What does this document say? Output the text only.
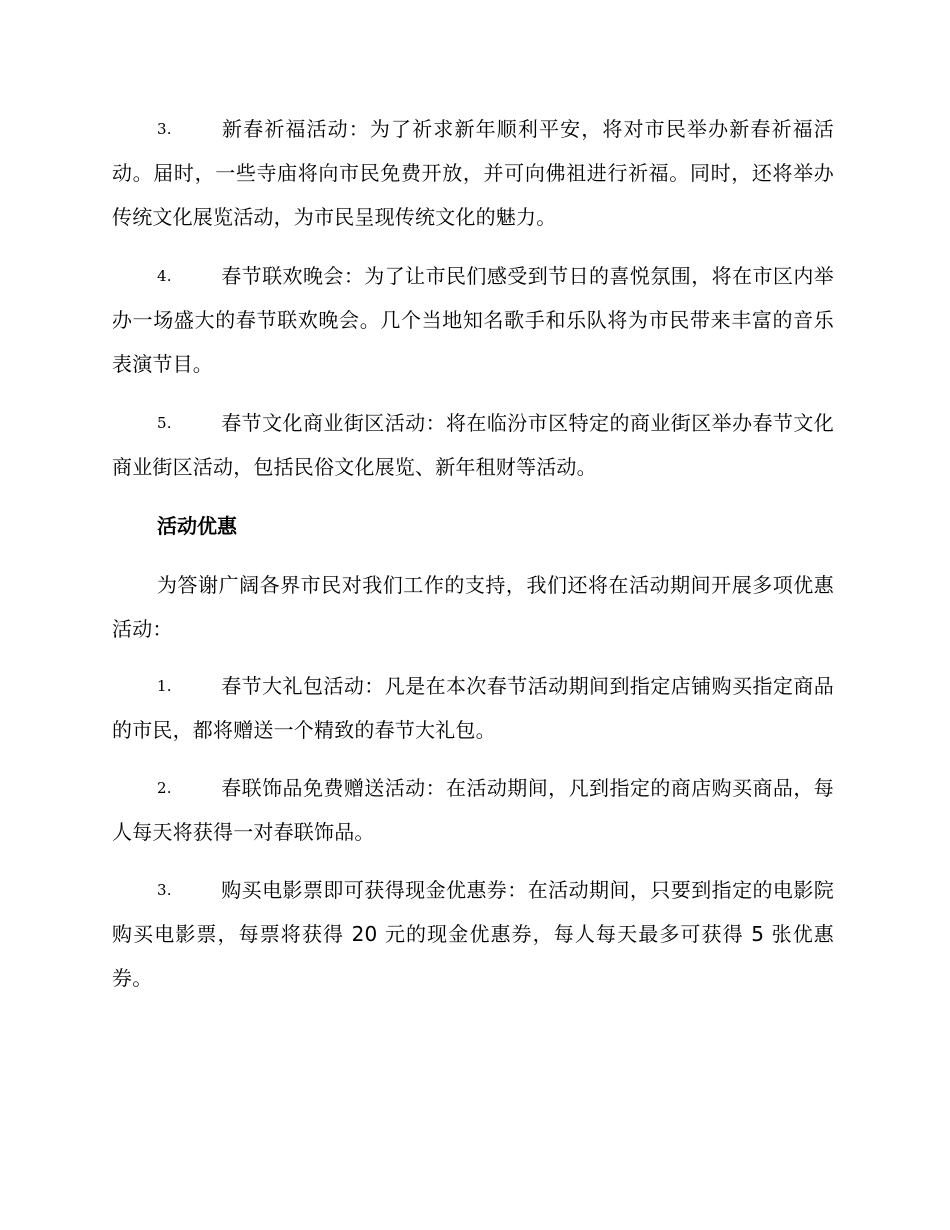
3. 新春祈福活动：为了祈求新年顺利平安，将对市民举办新春祈福活动。届时，一些寺庙将向市民免费开放，并可向佛祖进行祈福。同时，还将举办传统文化展览活动，为市民呈现传统文化的魅力。

4. 春节联欢晚会：为了让市民们感受到节日的喜悦氛围，将在市区内举办一场盛大的春节联欢晚会。几个当地知名歌手和乐队将为市民带来丰富的音乐表演节目。

5. 春节文化商业街区活动：将在临汾市区特定的商业街区举办春节文化商业街区活动，包括民俗文化展览、新年租财等活动。

活动优惠

为答谢广阔各界市民对我们工作的支持，我们还将在活动期间开展多项优惠活动：

1. 春节大礼包活动：凡是在本次春节活动期间到指定店铺购买指定商品的市民，都将赠送一个精致的春节大礼包。

2. 春联饰品免费赠送活动：在活动期间，凡到指定的商店购买商品，每人每天将获得一对春联饰品。

3. 购买电影票即可获得现金优惠券：在活动期间，只要到指定的电影院购买电影票，每票将获得 20 元的现金优惠券，每人每天最多可获得 5 张优惠券。
